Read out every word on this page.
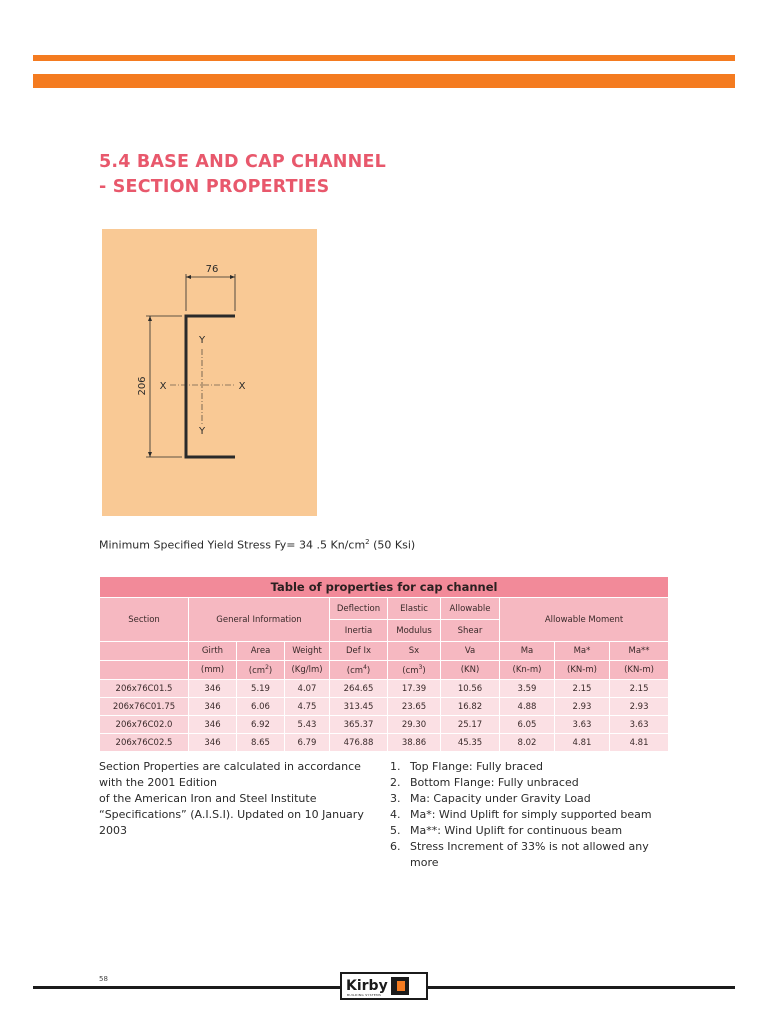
5.4 BASE AND CAP CHANNEL
- SECTION PROPERTIES
76
206 X	X
Y
Y
Minimum Specified Yield Stress Fy= 34 .5 $Kn/cm^2$ (50 Ksi)
Table of properties for cap channel									
Section	General Information			Deflection	Elastic	Allowable	Allowable Moment		
				Inertia	Modulus	Shear			
	Girth	Area	Weight	Def Ix	Sx	Va	Ma	Ma*	Ma**
	(mm)	$(cm^2)$	(Kg/lm)	$(cm^4)$	$(cm^3)$	(KN)	(Kn-m)	(KN-m)	(KN-m)
206x76C01.5	346	5.19	4.07	264.65	17.39	10.56	3.59	2.15	2.15
206x76C01.75	346	6.06	4.75	313.45	23.65	16.82	4.88	2.93	2.93
206x76C02.0	346	6.92	5.43	365.37	29.30	25.17	6.05	3.63	3.63
206x76C02.5	346	8.65	6.79	476.88	38.86	45.35	8.02	4.81	4.81

Section Properties are calculated in accordance

with the 2001 Edition

of the American Iron and Steel Institute

“Specifications” (A.I.S.I). Updated on 10 January

2003

1. Top Flange: Fully braced
2. Bottom Flange: Fully unbraced
3. Ma: Capacity under Gravity Load
4. Ma*: Wind Uplift for simply supported beam
5. Ma**: Wind Uplift for continuous beam
6. Stress Increment of 33% is not allowed any
more
58	Kirby
BUILDING SYSTEMS
